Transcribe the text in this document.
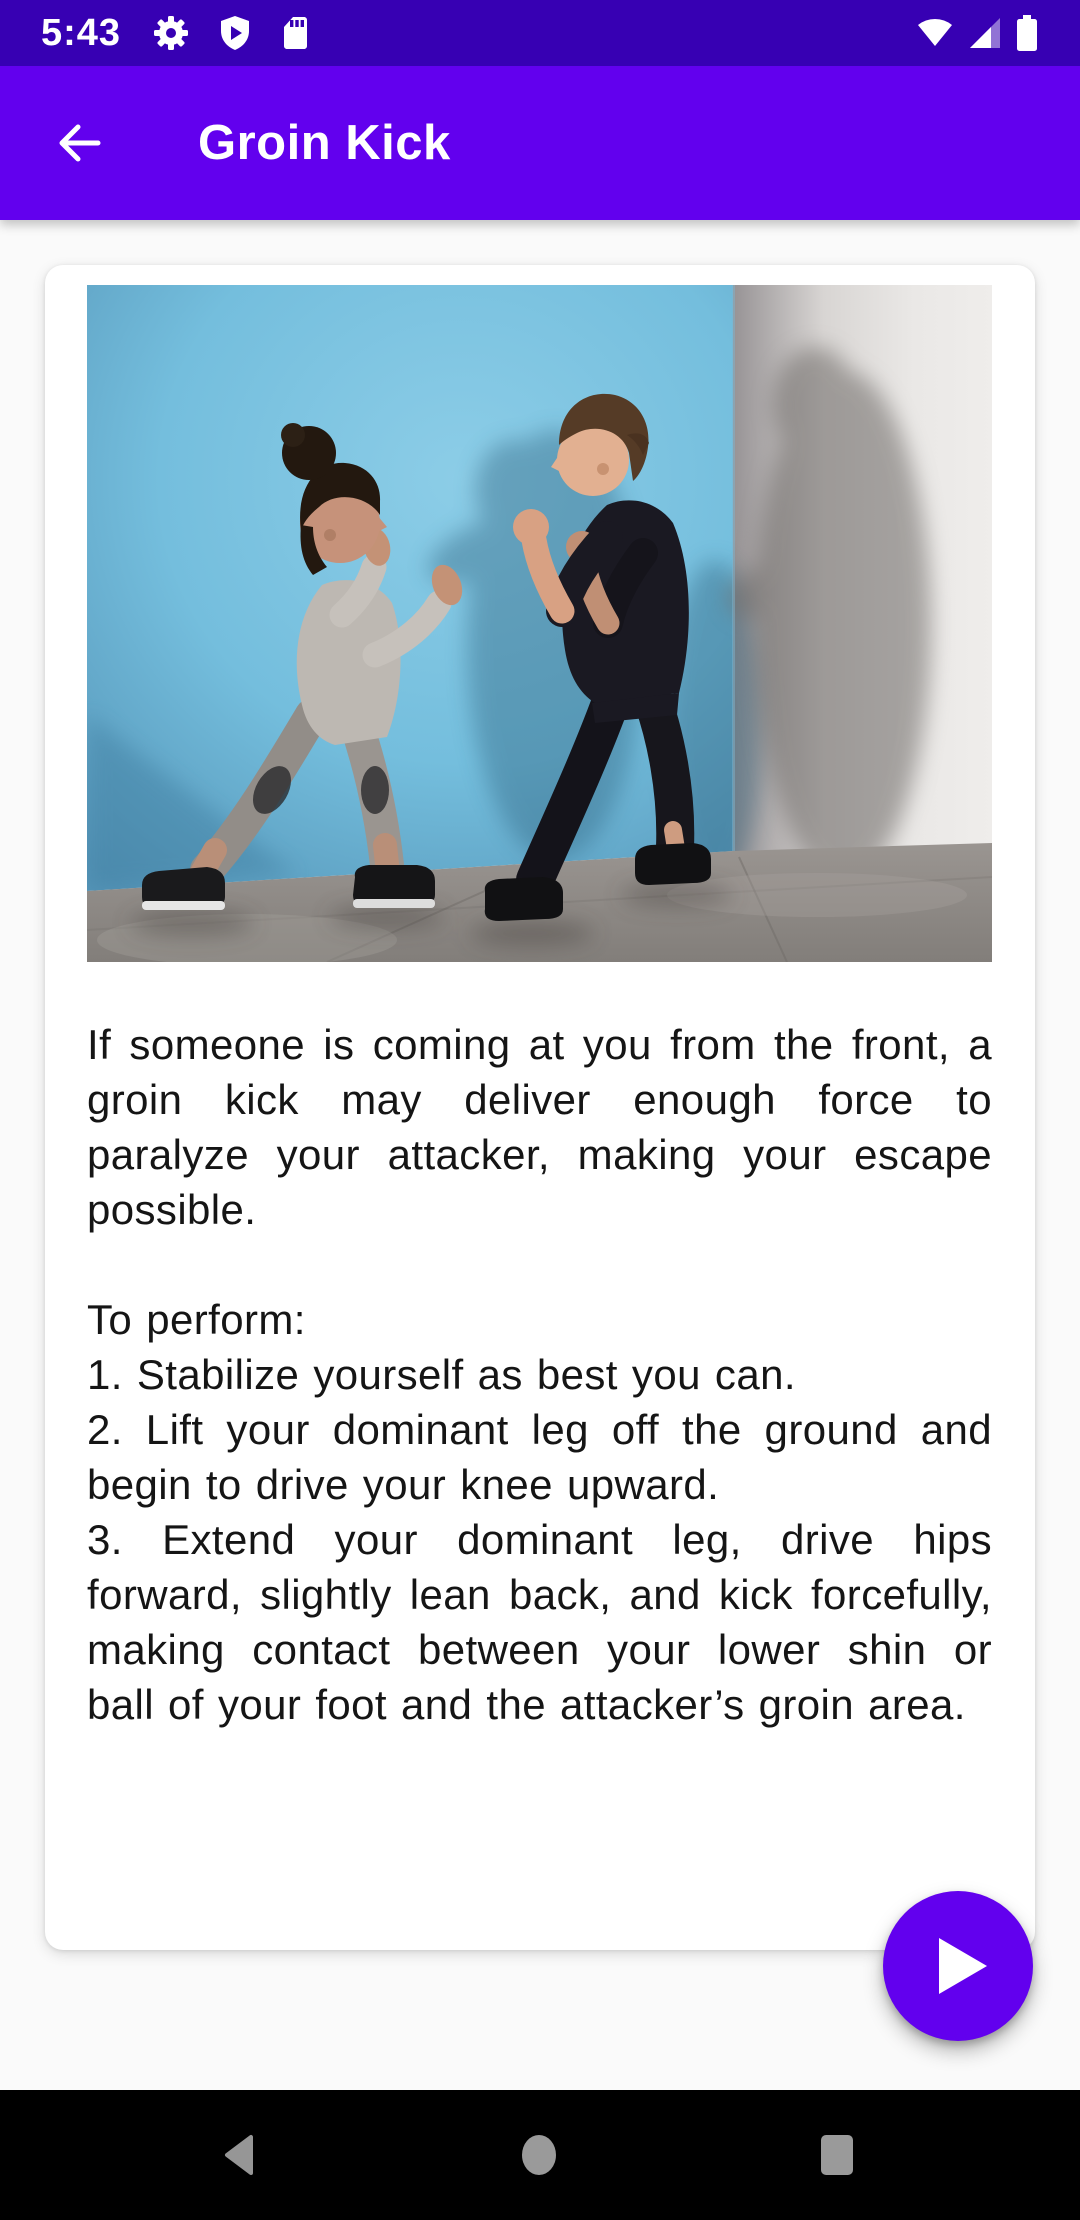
5:43
Groin Kick
If someone is coming at you from the front, a groin kick may deliver enough force to paralyze your attacker, making your escape possible.
To perform:
1. Stabilize yourself as best you can.
2. Lift your dominant leg off the ground and begin to drive your knee upward.
3. Extend your dominant leg, drive hips forward, slightly lean back, and kick forcefully, making contact between your lower shin or ball of your foot and the attacker’s groin area.
